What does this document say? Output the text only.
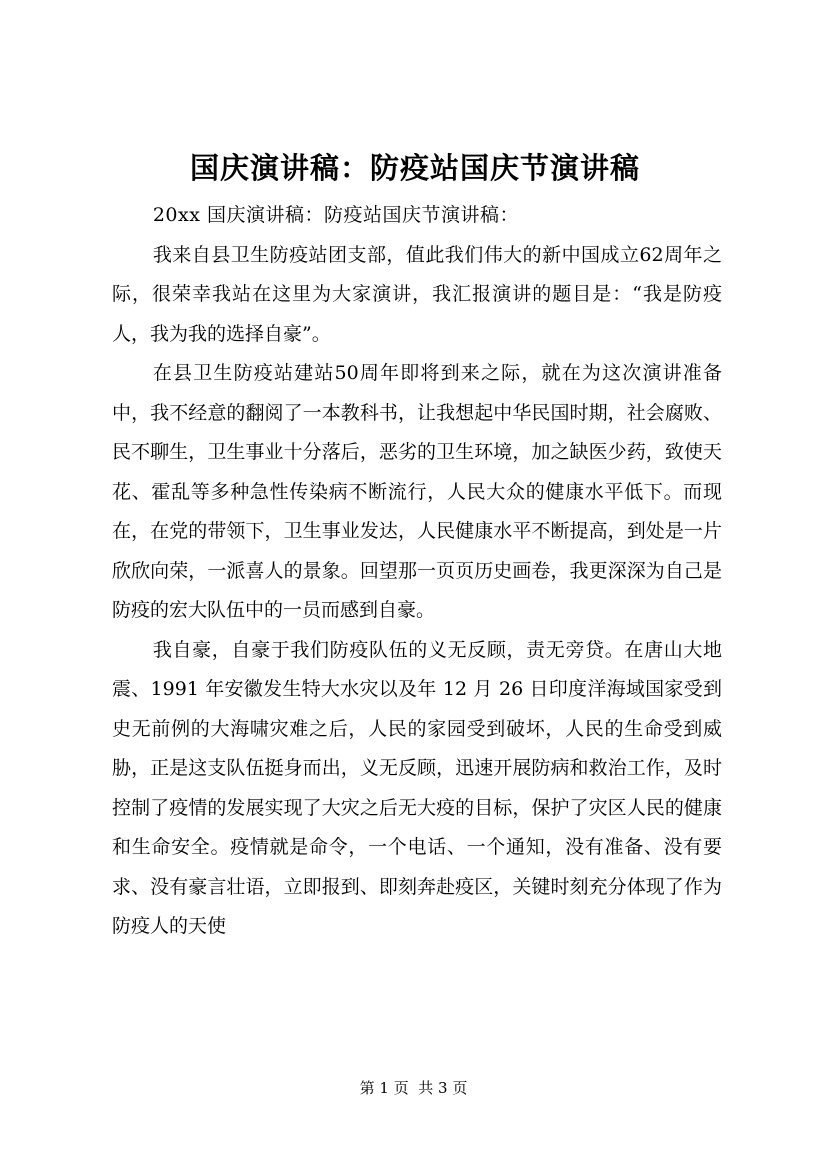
国庆演讲稿：防疫站国庆节演讲稿

20xx 国庆演讲稿：防疫站国庆节演讲稿：

我来自县卫生防疫站团支部，值此我们伟大的新中国成立62周年之际，很荣幸我站在这里为大家演讲，我汇报演讲的题目是：“我是防疫人，我为我的选择自豪”。

在县卫生防疫站建站50周年即将到来之际，就在为这次演讲准备中，我不经意的翻阅了一本教科书，让我想起中华民国时期，社会腐败、民不聊生，卫生事业十分落后，恶劣的卫生环境，加之缺医少药，致使天花、霍乱等多种急性传染病不断流行，人民大众的健康水平低下。而现在，在党的带领下，卫生事业发达，人民健康水平不断提高，到处是一片欣欣向荣，一派喜人的景象。回望那一页页历史画卷，我更深深为自己是防疫的宏大队伍中的一员而感到自豪。

我自豪，自豪于我们防疫队伍的义无反顾，责无旁贷。在唐山大地震、1991 年安徽发生特大水灾以及年 12 月 26 日印度洋海域国家受到史无前例的大海啸灾难之后，人民的家园受到破坏，人民的生命受到威胁，正是这支队伍挺身而出，义无反顾，迅速开展防病和救治工作，及时控制了疫情的发展实现了大灾之后无大疫的目标，保护了灾区人民的健康和生命安全。疫情就是命令，一个电话、一个通知，没有准备、没有要求、没有豪言壮语，立即报到、即刻奔赴疫区，关键时刻充分体现了作为防疫人的天使

第 1 页  共 3 页
